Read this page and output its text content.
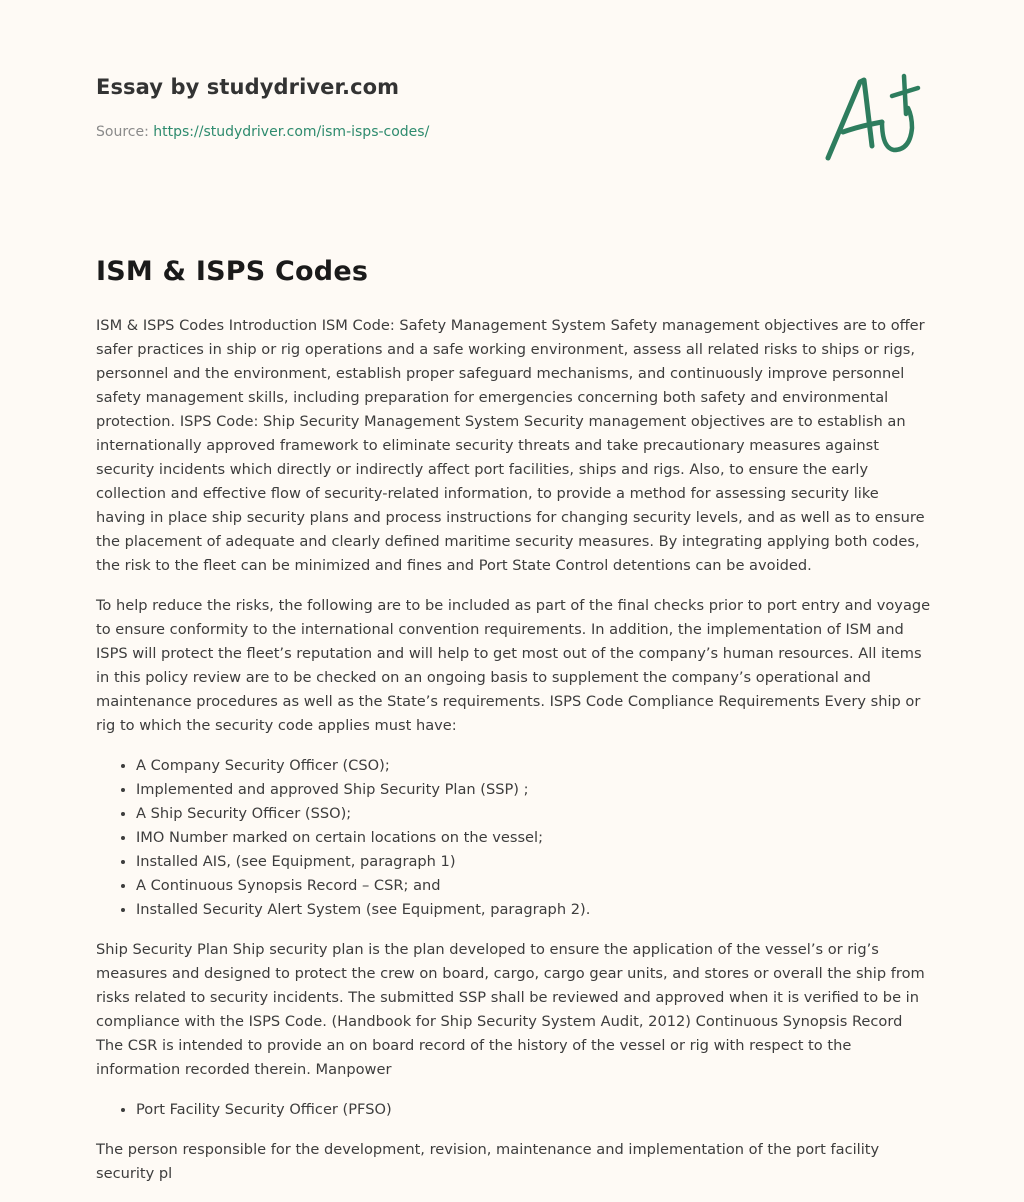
Essay by studydriver.com
Source: https://studydriver.com/ism-isps-codes/
ISM & ISPS Codes

ISM & ISPS Codes Introduction ISM Code: Safety Management System Safety management objectives are to offer safer practices in ship or rig operations and a safe working environment, assess all related risks to ships or rigs, personnel and the environment, establish proper safeguard mechanisms, and continuously improve personnel safety management skills, including preparation for emergencies concerning both safety and environmental protection. ISPS Code: Ship Security Management System Security management objectives are to establish an internationally approved framework to eliminate security threats and take precautionary measures against security incidents which directly or indirectly affect port facilities, ships and rigs. Also, to ensure the early collection and effective flow of security-related information, to provide a method for assessing security like having in place ship security plans and process instructions for changing security levels, and as well as to ensure the placement of adequate and clearly defined maritime security measures. By integrating applying both codes, the risk to the fleet can be minimized and fines and Port State Control detentions can be avoided.

To help reduce the risks, the following are to be included as part of the final checks prior to port entry and voyage to ensure conformity to the international convention requirements. In addition, the implementation of ISM and ISPS will protect the fleet’s reputation and will help to get most out of the company’s human resources. All items in this policy review are to be checked on an ongoing basis to supplement the company’s operational and maintenance procedures as well as the State’s requirements. ISPS Code Compliance Requirements Every ship or rig to which the security code applies must have:

• A Company Security Officer (CSO);
• Implemented and approved Ship Security Plan (SSP) ;
• A Ship Security Officer (SSO);
• IMO Number marked on certain locations on the vessel;
• Installed AIS, (see Equipment, paragraph 1)
• A Continuous Synopsis Record – CSR; and
• Installed Security Alert System (see Equipment, paragraph 2).

Ship Security Plan Ship security plan is the plan developed to ensure the application of the vessel’s or rig’s measures and designed to protect the crew on board, cargo, cargo gear units, and stores or overall the ship from risks related to security incidents. The submitted SSP shall be reviewed and approved when it is verified to be in compliance with the ISPS Code. (Handbook for Ship Security System Audit, 2012) Continuous Synopsis Record The CSR is intended to provide an on board record of the history of the vessel or rig with respect to the information recorded therein. Manpower

• Port Facility Security Officer (PFSO)

The person responsible for the development, revision, maintenance and implementation of the port facility security pl
